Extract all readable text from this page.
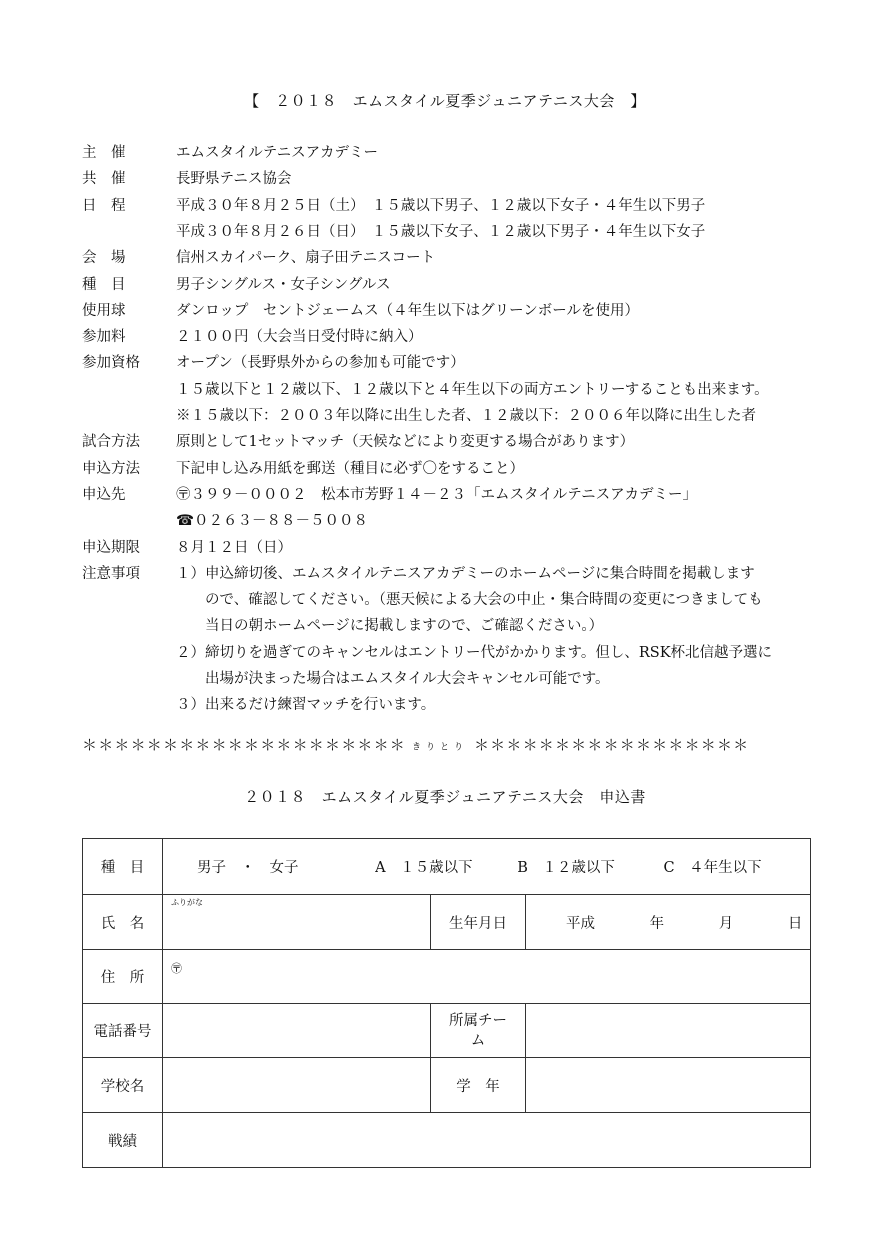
【　２０１８　エムスタイル夏季ジュニアテニス大会　】
主　催	エムスタイルテニスアカデミー
共　催	長野県テニス協会
日　程	平成３０年８月２５日（土）　１５歳以下男子、１２歳以下女子・４年生以下男子
平成３０年８月２６日（日）　１５歳以下女子、１２歳以下男子・４年生以下女子
会　場	信州スカイパーク、扇子田テニスコート
種　目	男子シングルス・女子シングルス
使用球	ダンロップ　セントジェームス（４年生以下はグリーンボールを使用）
参加料	２１００円（大会当日受付時に納入）
参加資格 オープン（長野県外からの参加も可能です）
１５歳以下と１２歳以下、１２歳以下と４年生以下の両方エントリーすることも出来ます。
※１５歳以下：２００３年以降に出生した者、１２歳以下：２００６年以降に出生した者
試合方法 原則として1セットマッチ（天候などにより変更する場合があります）
申込方法 下記申し込み用紙を郵送（種目に必ず〇をすること）
申込先	〶３９９－０００２　松本市芳野１４－２３「エムスタイルテニスアカデミー」
☎０２６３－８８－５００８
申込期限 ８月１２日（日）
注意事項 １）申込締切後、エムスタイルテニスアカデミーのホームページに集合時間を掲載します
　　ので、確認してください。（悪天候による大会の中止・集合時間の変更につきましても
　　当日の朝ホームページに掲載しますので、ご確認ください。）
２）締切りを過ぎてのキャンセルはエントリー代がかかります。但し、RSK杯北信越予選に
　　出場が決まった場合はエムスタイル大会キャンセル可能です。
３）出来るだけ練習マッチを行います。
＊＊＊＊＊＊＊＊＊＊＊＊＊＊＊＊＊＊＊＊ きりとり ＊＊＊＊＊＊＊＊＊＊＊＊＊＊＊＊＊
２０１８　エムスタイル夏季ジュニアテニス大会　申込書
種　目	男子　・　女子 A　１５歳以下 B　１２歳以下 C　４年生以下		
氏　名	ふりがな	生年月日	平成 年 月 日
住　所	〶		

電話番号		所属チー
ム	
学校名		学　年	
戦績			
